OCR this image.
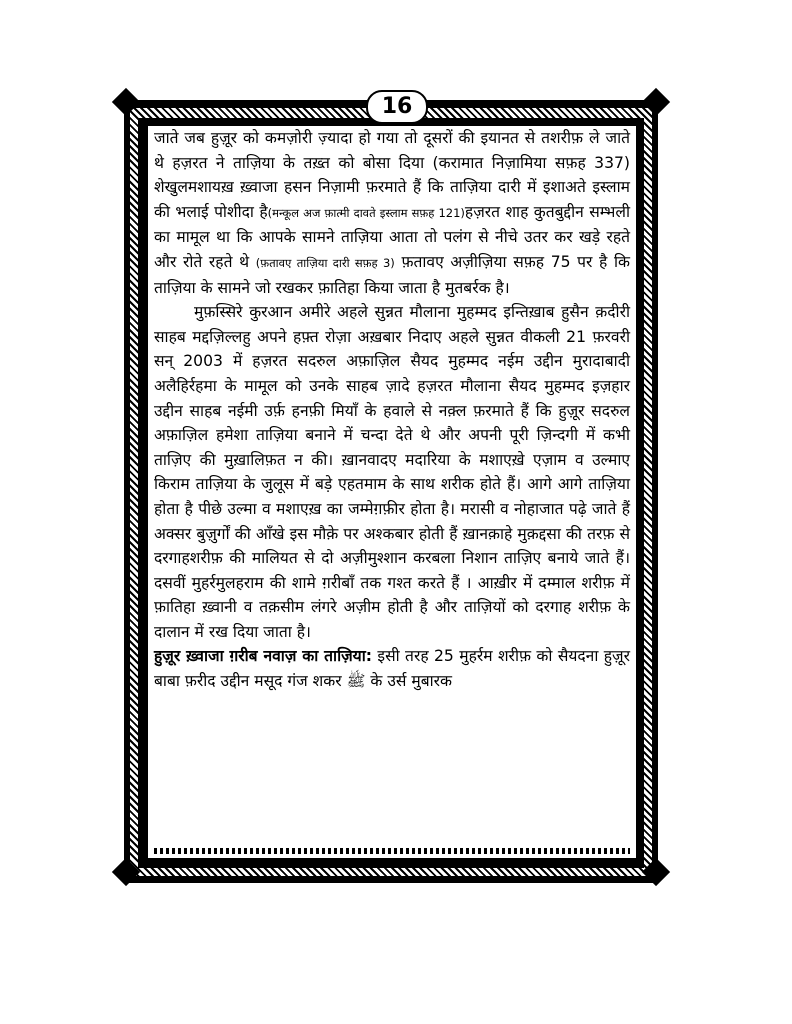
जाते जब हुज़ूर को कमज़ोरी ज़्यादा हो गया तो दूसरों की इयानत से तशरीफ़ ले जाते थे हज़रत ने ताज़िया के तख़्त को बोसा दिया (करामात निज़ामिया सफ़ह 337) शेखुलमशायख़ ख़्वाजा हसन निज़ामी फ़रमाते हैं कि ताज़िया दारी में इशाअते इस्लाम की भलाई पोशीदा है(मन्कूल अज फ़ात्मी दावते इस्लाम सफ़ह 121)हज़रत शाह कुतबुद्दीन सम्भली का मामूल था कि आपके सामने ताज़िया आता तो पलंग से नीचे उतर कर खड़े रहते और रोते रहते थे (फ़तावए ताज़िया दारी सफ़ह 3) फ़तावए अज़ीज़िया सफ़ह 75 पर है कि ताज़िया के सामने जो रखकर फ़ातिहा किया जाता है मुतबर्रक है।

मुफ़स्सिरे कुरआन अमीरे अहले सुन्नत मौलाना मुहम्मद इन्तिख़ाब हुसैन क़दीरी साहब मद्दज़िल्लहु अपने हफ़्त रोज़ा अख़बार निदाए अहले सुन्नत वीकली 21 फ़रवरी सन् 2003 में हज़रत सदरुल अफ़ाज़िल सैयद मुहम्मद नईम उद्दीन मुरादाबादी अलैहिर्रहमा के मामूल को उनके साहब ज़ादे हज़रत मौलाना सैयद मुहम्मद इज़हार उद्दीन साहब नईमी उर्फ़ हनफ़ी मियाँ के हवाले से नक़्ल फ़रमाते हैं कि हुज़ूर सदरुल अफ़ाज़िल हमेशा ताज़िया बनाने में चन्दा देते थे और अपनी पूरी ज़िन्दगी में कभी ताज़िए की मुख़ालिफ़त न की। ख़ानवादए मदारिया के मशाएख़े एज़ाम व उल्माए किराम ताज़िया के जुलूस में बड़े एहतमाम के साथ शरीक होते हैं। आगे आगे ताज़िया होता है पीछे उल्मा व मशाएख़ का जम्मेग़फ़ीर होता है। मरासी व नोहाजात पढ़े जाते हैं अक्सर बुज़ुर्गों की आँखे इस मौक़े पर अश्कबार होती हैं ख़ानक़ाहे मुक़द्दसा की तरफ़ से दरगाहशरीफ़ की मालियत से दो अज़ीमुश्शान करबला निशान ताज़िए बनाये जाते हैं। दसवीं मुहर्रमुलहराम की शामे ग़रीबाँ तक गश्त करते हैं । आख़ीर में दम्माल शरीफ़ में फ़ातिहा ख़्वानी व तक़सीम लंगरे अज़ीम होती है और ताज़ियों को दरगाह शरीफ़ के दालान में रख दिया जाता है।

हुज़ूर ख़्वाजा ग़रीब नवाज़ का ताज़िया: इसी तरह 25 मुहर्रम शरीफ़ को सैयदना हुज़ूर बाबा फ़रीद उद्दीन मसूद गंज शकर ﷺ के उर्स मुबारक

16
